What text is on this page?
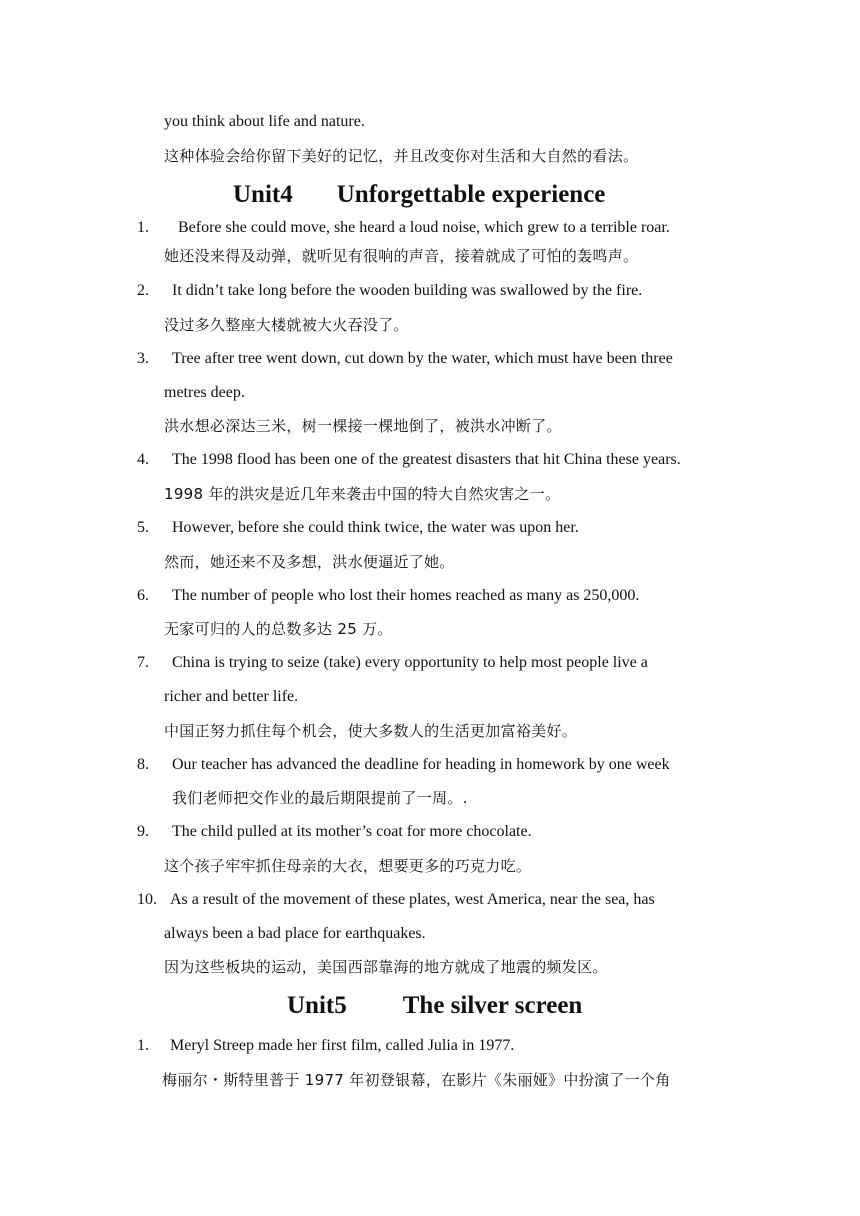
you think about life and nature.
这种体验会给你留下美好的记忆，并且改变你对生活和大自然的看法。
Unit4 Unforgettable experience
1. Before she could move, she heard a loud noise, which grew to a terrible roar.
她还没来得及动弹，就听见有很响的声音，接着就成了可怕的轰鸣声。
2. It didn’t take long before the wooden building was swallowed by the fire.
没过多久整座大楼就被大火吞没了。
3. Tree after tree went down, cut down by the water, which must have been three
metres deep.
洪水想必深达三米，树一棵接一棵地倒了，被洪水冲断了。
4. The 1998 flood has been one of the greatest disasters that hit China these years.
1998 年的洪灾是近几年来袭击中国的特大自然灾害之一。
5. However, before she could think twice, the water was upon her.
然而，她还来不及多想，洪水便逼近了她。
6. The number of people who lost their homes reached as many as 250,000.
无家可归的人的总数多达 25 万。
7. China is trying to seize (take) every opportunity to help most people live a
richer and better life.
中国正努力抓住每个机会，使大多数人的生活更加富裕美好。
8. Our teacher has advanced the deadline for heading in homework by one week
我们老师把交作业的最后期限提前了一周。.
9. The child pulled at its mother’s coat for more chocolate.
这个孩子牢牢抓住母亲的大衣，想要更多的巧克力吃。
10. As a result of the movement of these plates, west America, near the sea, has
always been a bad place for earthquakes.
因为这些板块的运动，美国西部靠海的地方就成了地震的频发区。
Unit5 The silver screen
1. Meryl Streep made her first film, called Julia in 1977.
梅丽尔・斯特里普于 1977 年初登银幕，在影片《朱丽娅》中扮演了一个角
